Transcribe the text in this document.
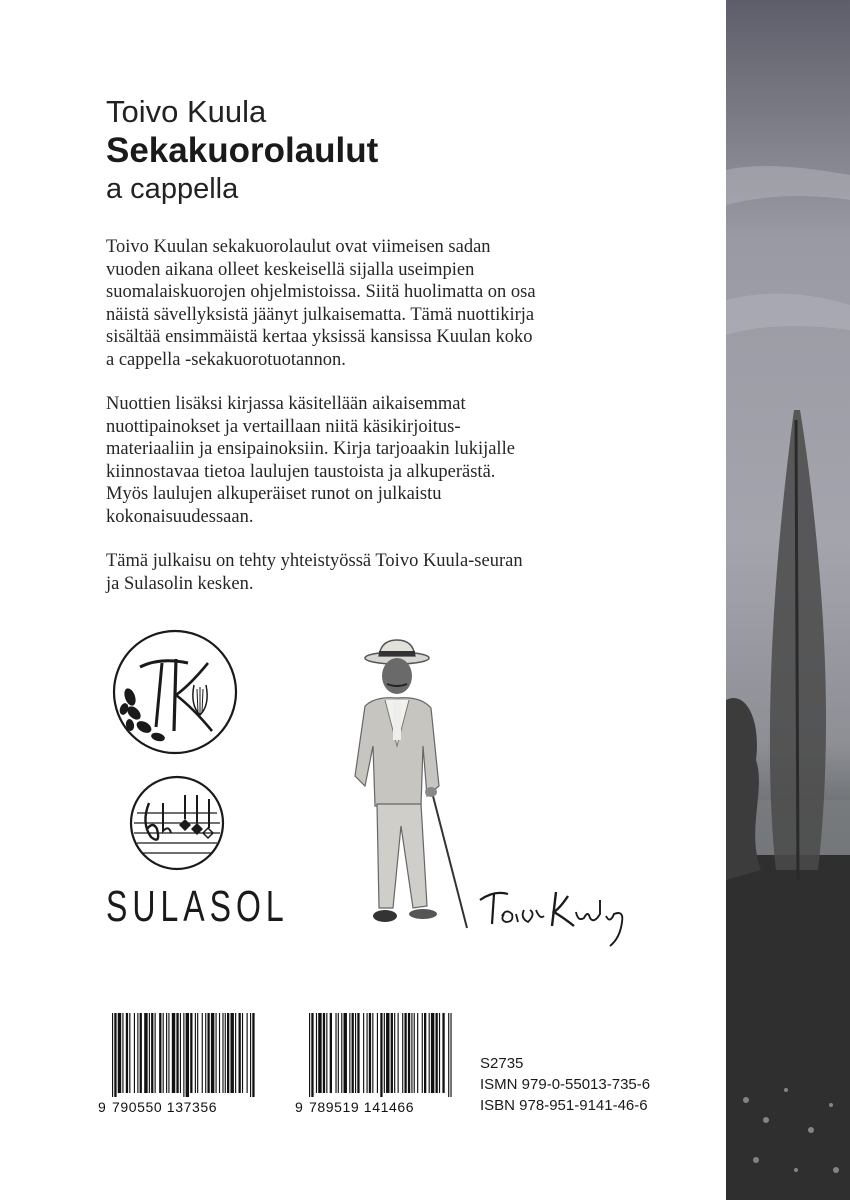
Toivo Kuula
Sekakuorolaulut
a cappella

Toivo Kuulan sekakuorolaulut ovat viimeisen sadan
vuoden aikana olleet keskeisellä sijalla useimpien
suomalaiskuorojen ohjelmistoissa. Siitä huolimatta on osa
näistä sävellyksistä jäänyt julkaisematta. Tämä nuottikirja
sisältää ensimmäistä kertaa yksissä kansissa Kuulan koko
a cappella -sekakuorotuotannon.

Nuottien lisäksi kirjassa käsitellään aikaisemmat
nuottipainokset ja vertaillaan niitä käsikirjoitus-
materiaaliin ja ensipainoksiin. Kirja tarjoaakin lukijalle
kiinnostavaa tietoa laulujen taustoista ja alkuperästä.
Myös laulujen alkuperäiset runot on julkaistu
kokonaisuudessaan.

Tämä julkaisu on tehty yhteistyössä Toivo Kuula-seuran
ja Sulasolin kesken.

SULASOL
9 790550 137356	9 789519 141466
S2735
ISMN 979-0-55013-735-6
ISBN 978-951-9141-46-6
